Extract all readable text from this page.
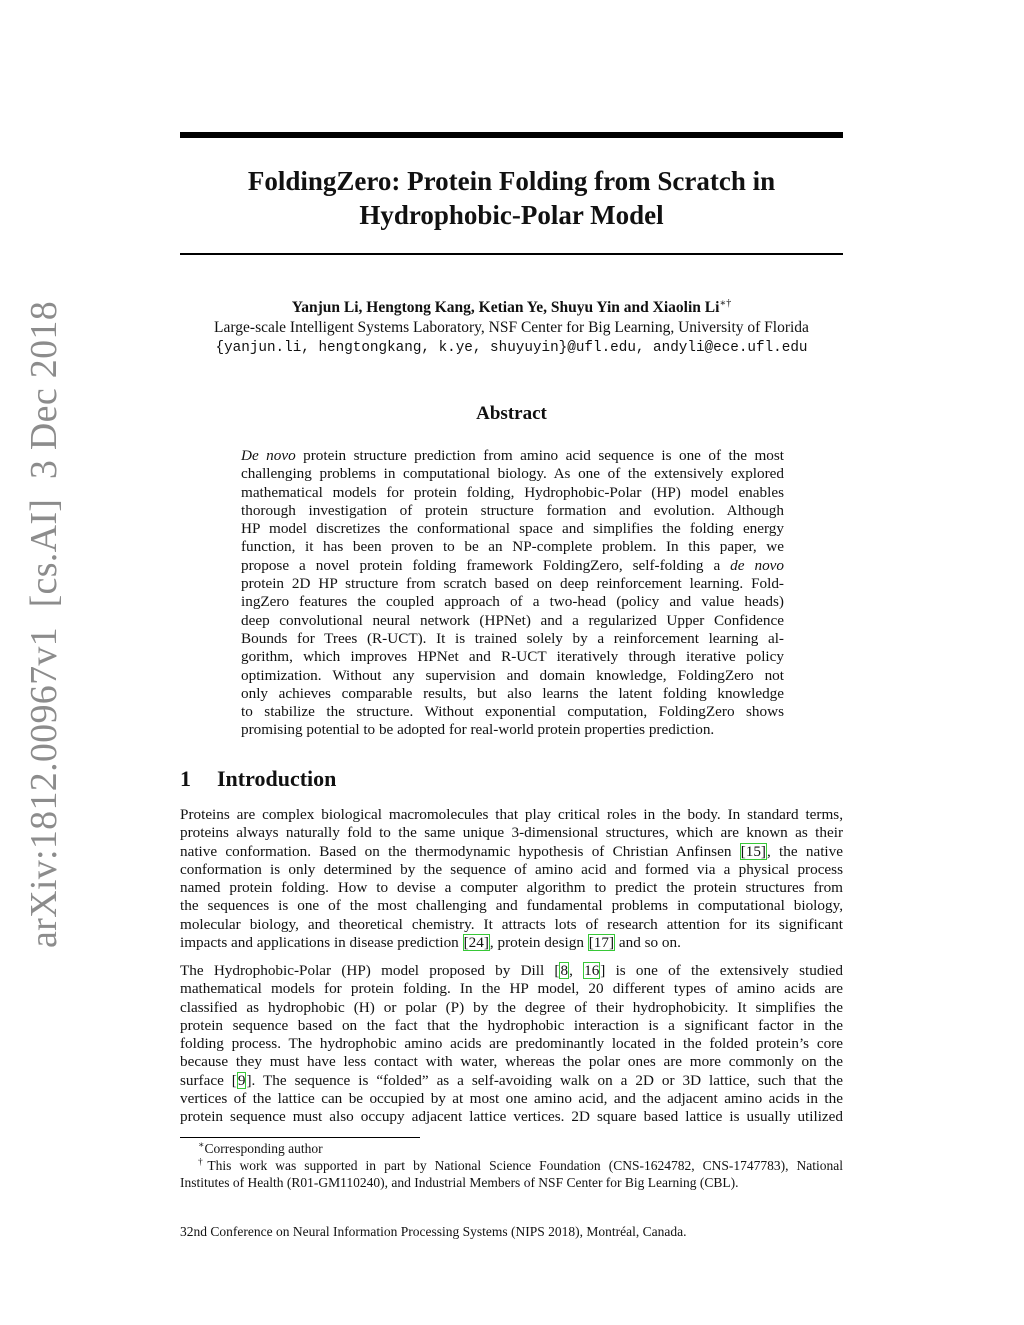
arXiv:1812.00967v1  [cs.AI]  3 Dec 2018
FoldingZero: Protein Folding from Scratch in
Hydrophobic-Polar Model
Yanjun Li, Hengtong Kang, Ketian Ye, Shuyu Yin and Xiaolin Li∗†
Large-scale Intelligent Systems Laboratory, NSF Center for Big Learning, University of Florida
{yanjun.li, hengtongkang, k.ye, shuyuyin}@ufl.edu, andyli@ece.ufl.edu
Abstract
De novo protein structure prediction from amino acid sequence is one of the most
challenging problems in computational biology. As one of the extensively explored
mathematical models for protein folding, Hydrophobic-Polar (HP) model enables
thorough investigation of protein structure formation and evolution. Although
HP model discretizes the conformational space and simplifies the folding energy
function, it has been proven to be an NP-complete problem. In this paper, we
propose a novel protein folding framework FoldingZero, self-folding a de novo
protein 2D HP structure from scratch based on deep reinforcement learning. Fold-
ingZero features the coupled approach of a two-head (policy and value heads)
deep convolutional neural network (HPNet) and a regularized Upper Confidence
Bounds for Trees (R-UCT). It is trained solely by a reinforcement learning al-
gorithm, which improves HPNet and R-UCT iteratively through iterative policy
optimization. Without any supervision and domain knowledge, FoldingZero not
only achieves comparable results, but also learns the latent folding knowledge
to stabilize the structure. Without exponential computation, FoldingZero shows
promising potential to be adopted for real-world protein properties prediction.
1 Introduction
Proteins are complex biological macromolecules that play critical roles in the body. In standard terms,
proteins always naturally fold to the same unique 3-dimensional structures, which are known as their
native conformation. Based on the thermodynamic hypothesis of Christian Anfinsen [15], the native
conformation is only determined by the sequence of amino acid and formed via a physical process
named protein folding. How to devise a computer algorithm to predict the protein structures from
the sequences is one of the most challenging and fundamental problems in computational biology,
molecular biology, and theoretical chemistry. It attracts lots of research attention for its significant
impacts and applications in disease prediction [24], protein design [17] and so on.
The Hydrophobic-Polar (HP) model proposed by Dill [8, 16] is one of the extensively studied
mathematical models for protein folding. In the HP model, 20 different types of amino acids are
classified as hydrophobic (H) or polar (P) by the degree of their hydrophobicity. It simplifies the
protein sequence based on the fact that the hydrophobic interaction is a significant factor in the
folding process. The hydrophobic amino acids are predominantly located in the folded protein’s core
because they must have less contact with water, whereas the polar ones are more commonly on the
surface [9]. The sequence is “folded” as a self-avoiding walk on a 2D or 3D lattice, such that the
vertices of the lattice can be occupied by at most one amino acid, and the adjacent amino acids in the
protein sequence must also occupy adjacent lattice vertices. 2D square based lattice is usually utilized
∗Corresponding author
†This work was supported in part by National Science Foundation (CNS-1624782, CNS-1747783), National
Institutes of Health (R01-GM110240), and Industrial Members of NSF Center for Big Learning (CBL).
32nd Conference on Neural Information Processing Systems (NIPS 2018), Montréal, Canada.
